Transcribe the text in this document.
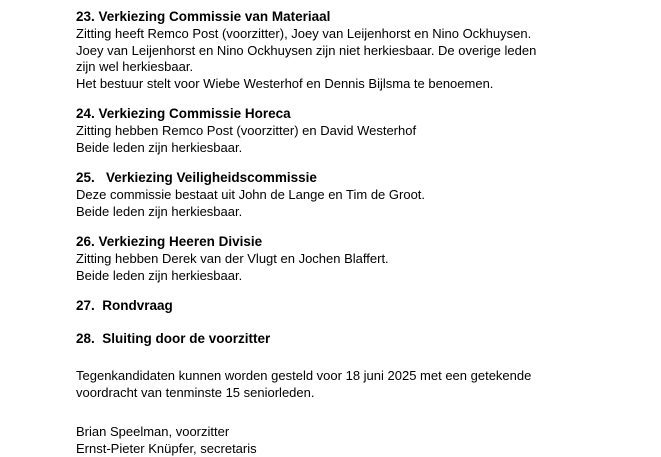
23. Verkiezing Commissie van Materiaal

Zitting heeft Remco Post (voorzitter), Joey van Leijenhorst en Nino Ockhuysen.

Joey van Leijenhorst en Nino Ockhuysen zijn niet herkiesbaar. De overige leden

zijn wel herkiesbaar.

Het bestuur stelt voor Wiebe Westerhof en Dennis Bijlsma te benoemen.

24. Verkiezing Commissie Horeca

Zitting hebben Remco Post (voorzitter) en David Westerhof

Beide leden zijn herkiesbaar.

25.   Verkiezing Veiligheidscommissie

Deze commissie bestaat uit John de Lange en Tim de Groot.

Beide leden zijn herkiesbaar.

26. Verkiezing Heeren Divisie

Zitting hebben Derek van der Vlugt en Jochen Blaffert.

Beide leden zijn herkiesbaar.

27.  Rondvraag

28.  Sluiting door de voorzitter

Tegenkandidaten kunnen worden gesteld voor 18 juni 2025 met een getekende

voordracht van tenminste 15 seniorleden.

Brian Speelman, voorzitter

Ernst-Pieter Knüpfer, secretaris
